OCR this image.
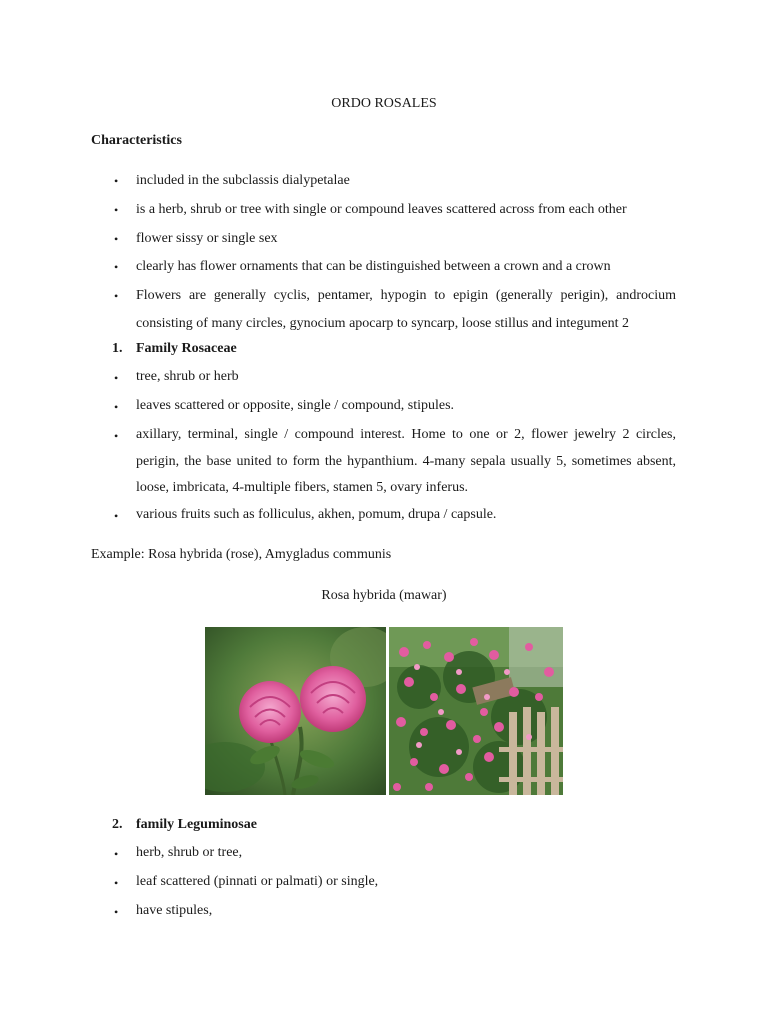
ORDO ROSALES
Characteristics
• included in the subclassis dialypetalae
• is a herb, shrub or tree with single or compound leaves scattered across from each other
• flower sissy or single sex
• clearly has flower ornaments that can be distinguished between a crown and a crown
• Flowers are generally cyclis, pentamer, hypogin to epigin (generally perigin), androcium consisting of many circles, gynocium apocarp to syncarp, loose stillus and integument 2
1. Family Rosaceae
• tree, shrub or herb
• leaves scattered or opposite, single / compound, stipules.
• axillary, terminal, single / compound interest. Home to one or 2, flower jewelry 2 circles, perigin, the base united to form the hypanthium. 4-many sepala usually 5, sometimes absent, loose, imbricata, 4-multiple fibers, stamen 5, ovary inferus.
• various fruits such as folliculus, akhen, pomum, drupa / capsule.
Example: Rosa hybrida (rose), Amygladus communis
Rosa hybrida (mawar)
2. family Leguminosae
• herb, shrub or tree,
• leaf scattered (pinnati or palmati) or single,
• have stipules,
